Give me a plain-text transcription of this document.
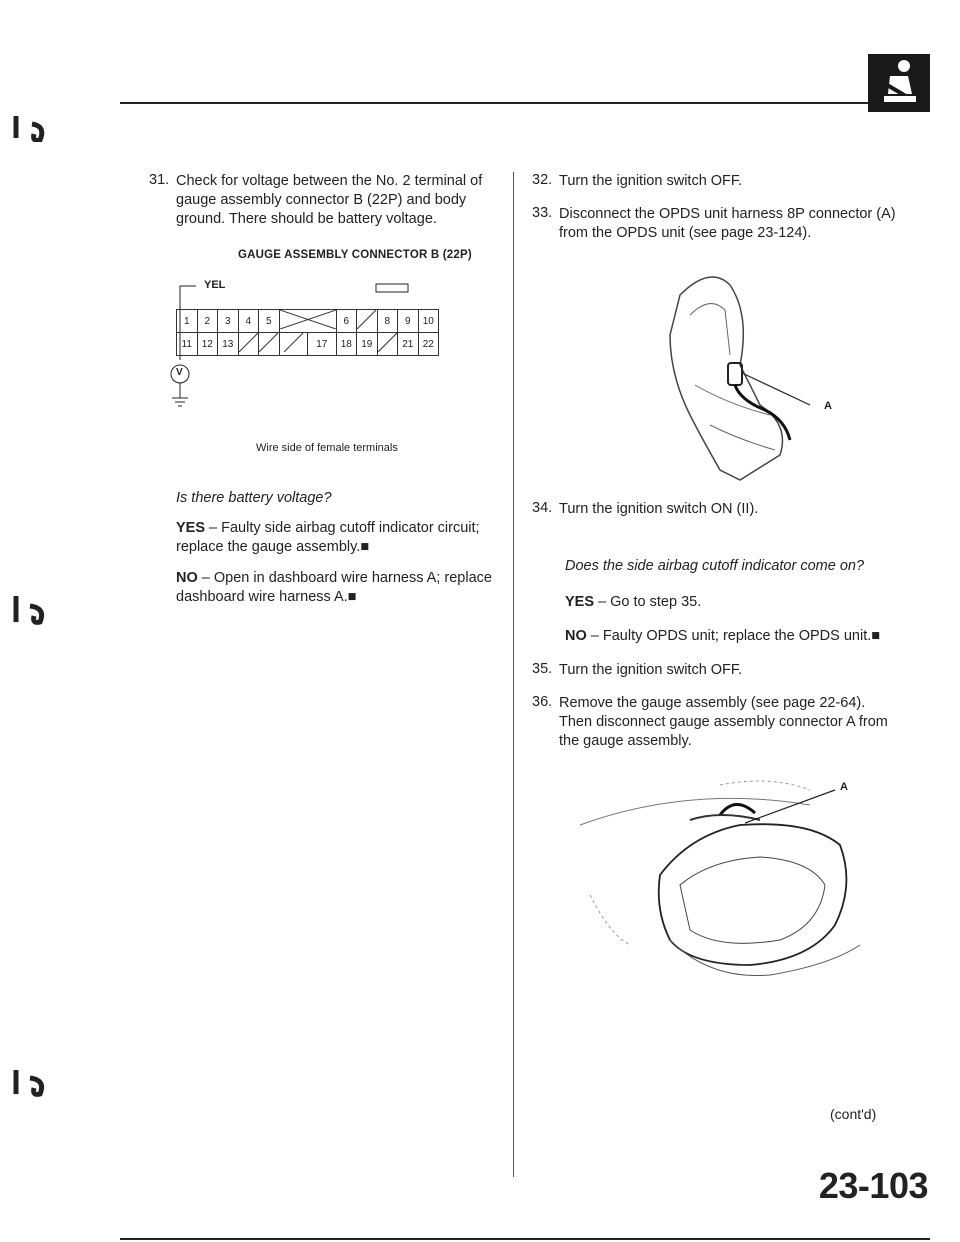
31. Check for voltage between the No. 2 terminal of
gauge assembly connector B (22P) and body
ground. There should be battery voltage.
GAUGE ASSEMBLY CONNECTOR B (22P)
YEL
V
1	2	3	4	5			6		8	9	10
11	12	13				17	18	19		21	22
Wire side of female terminals
Is there battery voltage?
YES – Faulty side airbag cutoff indicator circuit;
replace the gauge assembly.■
NO – Open in dashboard wire harness A; replace
dashboard wire harness A.■
32. Turn the ignition switch OFF.
33. Disconnect the OPDS unit harness 8P connector (A)
from the OPDS unit (see page 23-124).
A
34. Turn the ignition switch ON (II).
Does the side airbag cutoff indicator come on?
YES – Go to step 35.
NO – Faulty OPDS unit; replace the OPDS unit.■
35. Turn the ignition switch OFF.
36. Remove the gauge assembly (see page 22-64).
Then disconnect gauge assembly connector A from
the gauge assembly.
A
(cont'd)
23-103
